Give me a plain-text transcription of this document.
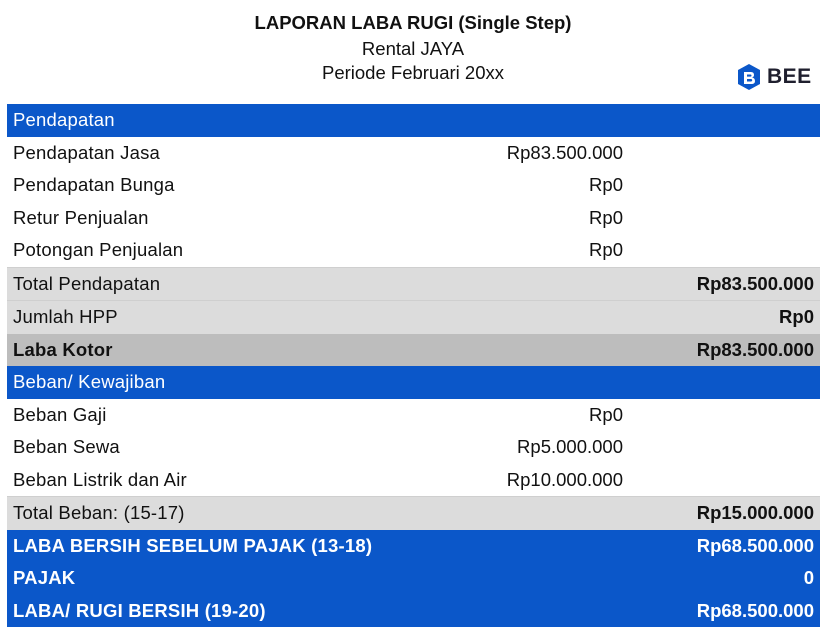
LAPORAN LABA RUGI (Single Step)
Rental JAYA
Periode Februari 20xx	BEE
Pendapatan
Pendapatan Jasa	Rp83.500.000
Pendapatan Bunga	Rp0
Retur Penjualan	Rp0
Potongan Penjualan	Rp0
Total Pendapatan	Rp83.500.000
Jumlah HPP	Rp0
Laba Kotor	Rp83.500.000
Beban/ Kewajiban
Beban Gaji	Rp0
Beban Sewa	Rp5.000.000
Beban Listrik dan Air	Rp10.000.000
Total Beban: (15-17)	Rp15.000.000
LABA BERSIH SEBELUM PAJAK (13-18)	Rp68.500.000
PAJAK	0
LABA/ RUGI BERSIH (19-20)	Rp68.500.000
